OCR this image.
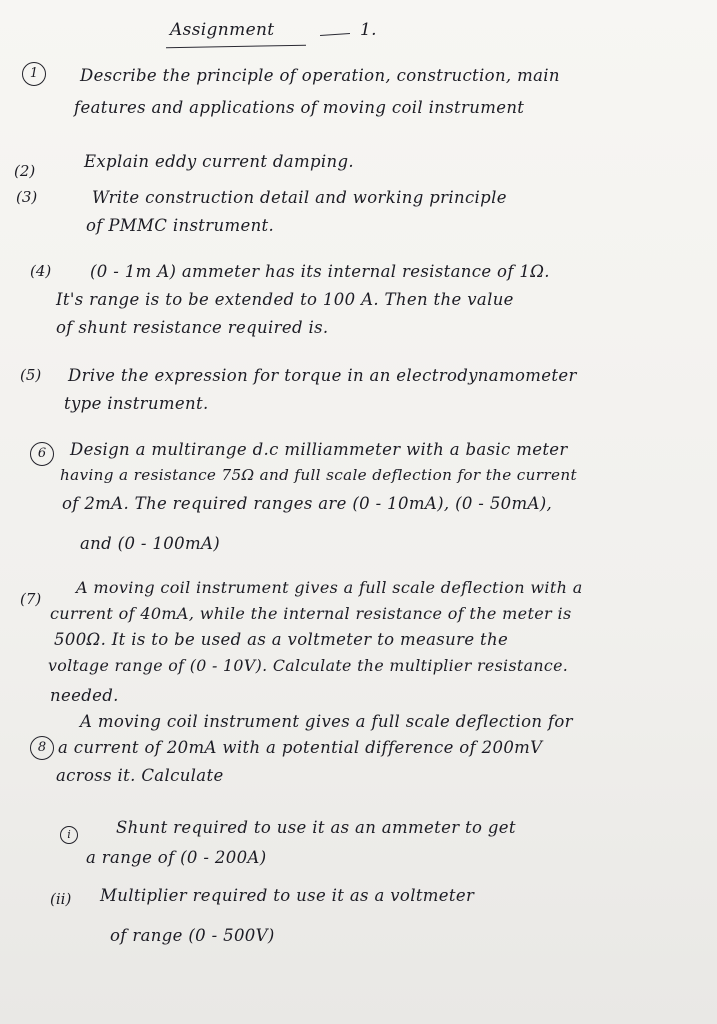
Assignment	1.
1	Describe the principle of operation, construction, main
features and applications of moving coil instrument
(2)	Explain eddy current damping.
(3)	Write construction detail and working principle
of PMMC instrument.
(4) (0 - 1m A) ammeter has its internal resistance of 1Ω.
It's range is to be extended to 100 A. Then the value
of shunt resistance required is.
(5) Drive the expression for torque in an electrodynamometer
type instrument.
6	Design a multirange d.c milliammeter with a basic meter
having a resistance 75Ω and full scale deflection for the current
of 2mA. The required ranges are (0 - 10mA), (0 - 50mA),
and (0 - 100mA)
(7)
A moving coil instrument gives a full scale deflection with a
current of 40mA, while the internal resistance of the meter is
500Ω. It is to be used as a voltmeter to measure the
voltage range of (0 - 10V). Calculate the multiplier resistance.
needed.
8
A moving coil instrument gives a full scale deflection for
a current of 20mA with a potential difference of 200mV
across it. Calculate
i	Shunt required to use it as an ammeter to get
a range of (0 - 200A)
(ii) Multiplier required to use it as a voltmeter
of range (0 - 500V)
